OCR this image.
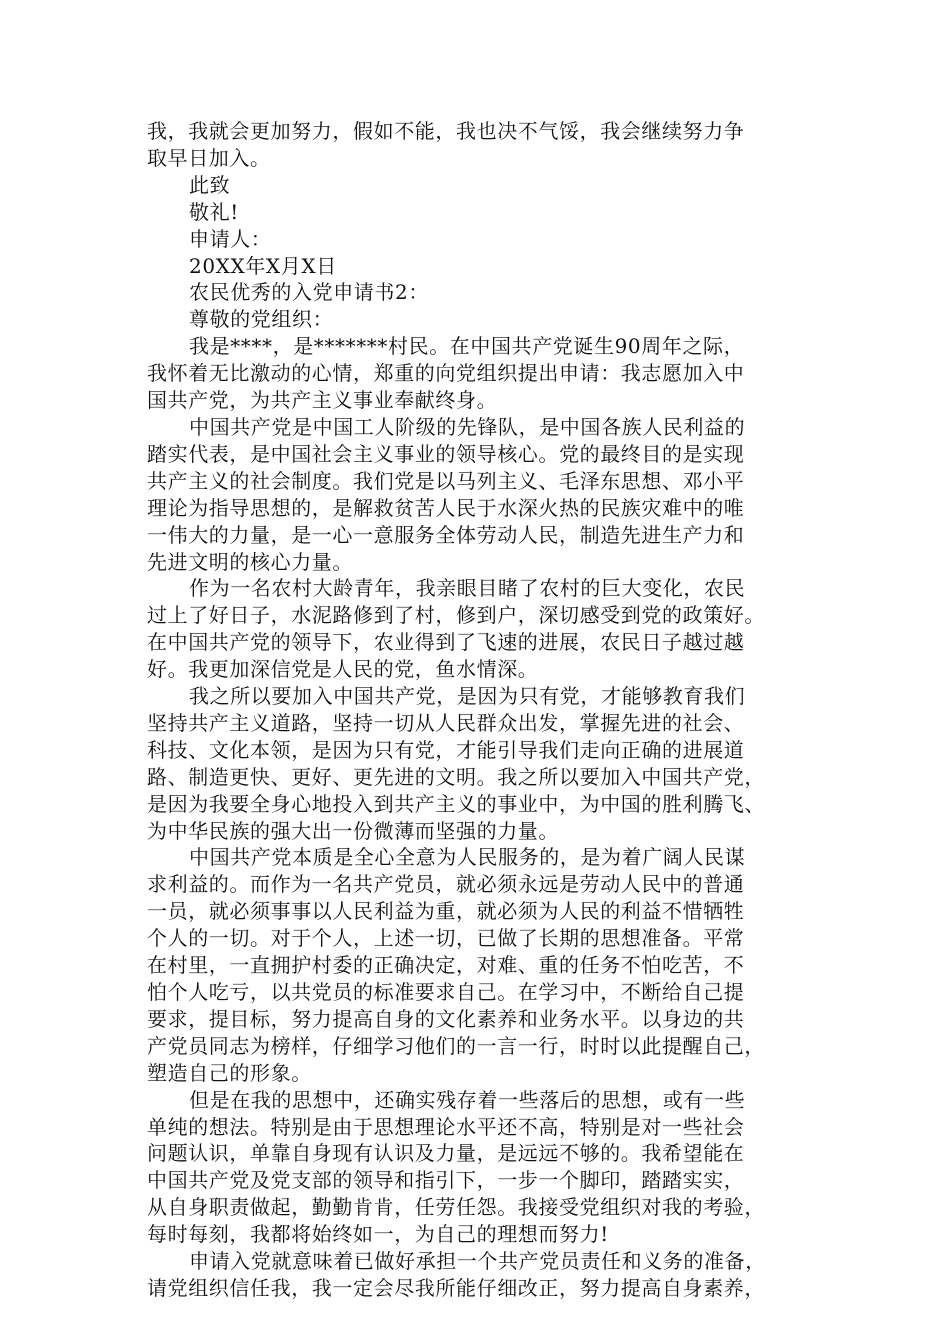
我，我就会更加努力，假如不能，我也决不气馁，我会继续努力争

取早日加入。

此致

敬礼!

申请人：

20XX年X月X日

农民优秀的入党申请书2：

尊敬的党组织：

我是****，是*******村民。在中国共产党诞生90周年之际，

我怀着无比激动的心情，郑重的向党组织提出申请：我志愿加入中

国共产党，为共产主义事业奉献终身。

中国共产党是中国工人阶级的先锋队，是中国各族人民利益的

踏实代表，是中国社会主义事业的领导核心。党的最终目的是实现

共产主义的社会制度。我们党是以马列主义、毛泽东思想、邓小平

理论为指导思想的，是解救贫苦人民于水深火热的民族灾难中的唯

一伟大的力量，是一心一意服务全体劳动人民，制造先进生产力和

先进文明的核心力量。

作为一名农村大龄青年，我亲眼目睹了农村的巨大变化，农民

过上了好日子，水泥路修到了村，修到户，深切感受到党的政策好。

在中国共产党的领导下，农业得到了飞速的进展，农民日子越过越

好。我更加深信党是人民的党，鱼水情深。

我之所以要加入中国共产党，是因为只有党，才能够教育我们

坚持共产主义道路，坚持一切从人民群众出发，掌握先进的社会、

科技、文化本领，是因为只有党，才能引导我们走向正确的进展道

路、制造更快、更好、更先进的文明。我之所以要加入中国共产党，

是因为我要全身心地投入到共产主义的事业中，为中国的胜利腾飞、

为中华民族的强大出一份微薄而坚强的力量。

中国共产党本质是全心全意为人民服务的，是为着广阔人民谋

求利益的。而作为一名共产党员，就必须永远是劳动人民中的普通

一员，就必须事事以人民利益为重，就必须为人民的利益不惜牺牲

个人的一切。对于个人，上述一切，已做了长期的思想准备。平常

在村里，一直拥护村委的正确决定，对难、重的任务不怕吃苦，不

怕个人吃亏，以共党员的标准要求自己。在学习中，不断给自己提

要求，提目标，努力提高自身的文化素养和业务水平。以身边的共

产党员同志为榜样，仔细学习他们的一言一行，时时以此提醒自己，

塑造自己的形象。

但是在我的思想中，还确实残存着一些落后的思想，或有一些

单纯的想法。特别是由于思想理论水平还不高，特别是对一些社会

问题认识，单靠自身现有认识及力量，是远远不够的。我希望能在

中国共产党及党支部的领导和指引下，一步一个脚印，踏踏实实，

从自身职责做起，勤勤肯肯，任劳任怨。我接受党组织对我的考验，

每时每刻，我都将始终如一，为自己的理想而努力!

申请入党就意味着已做好承担一个共产党员责任和义务的准备，

请党组织信任我，我一定会尽我所能仔细改正，努力提高自身素养，
